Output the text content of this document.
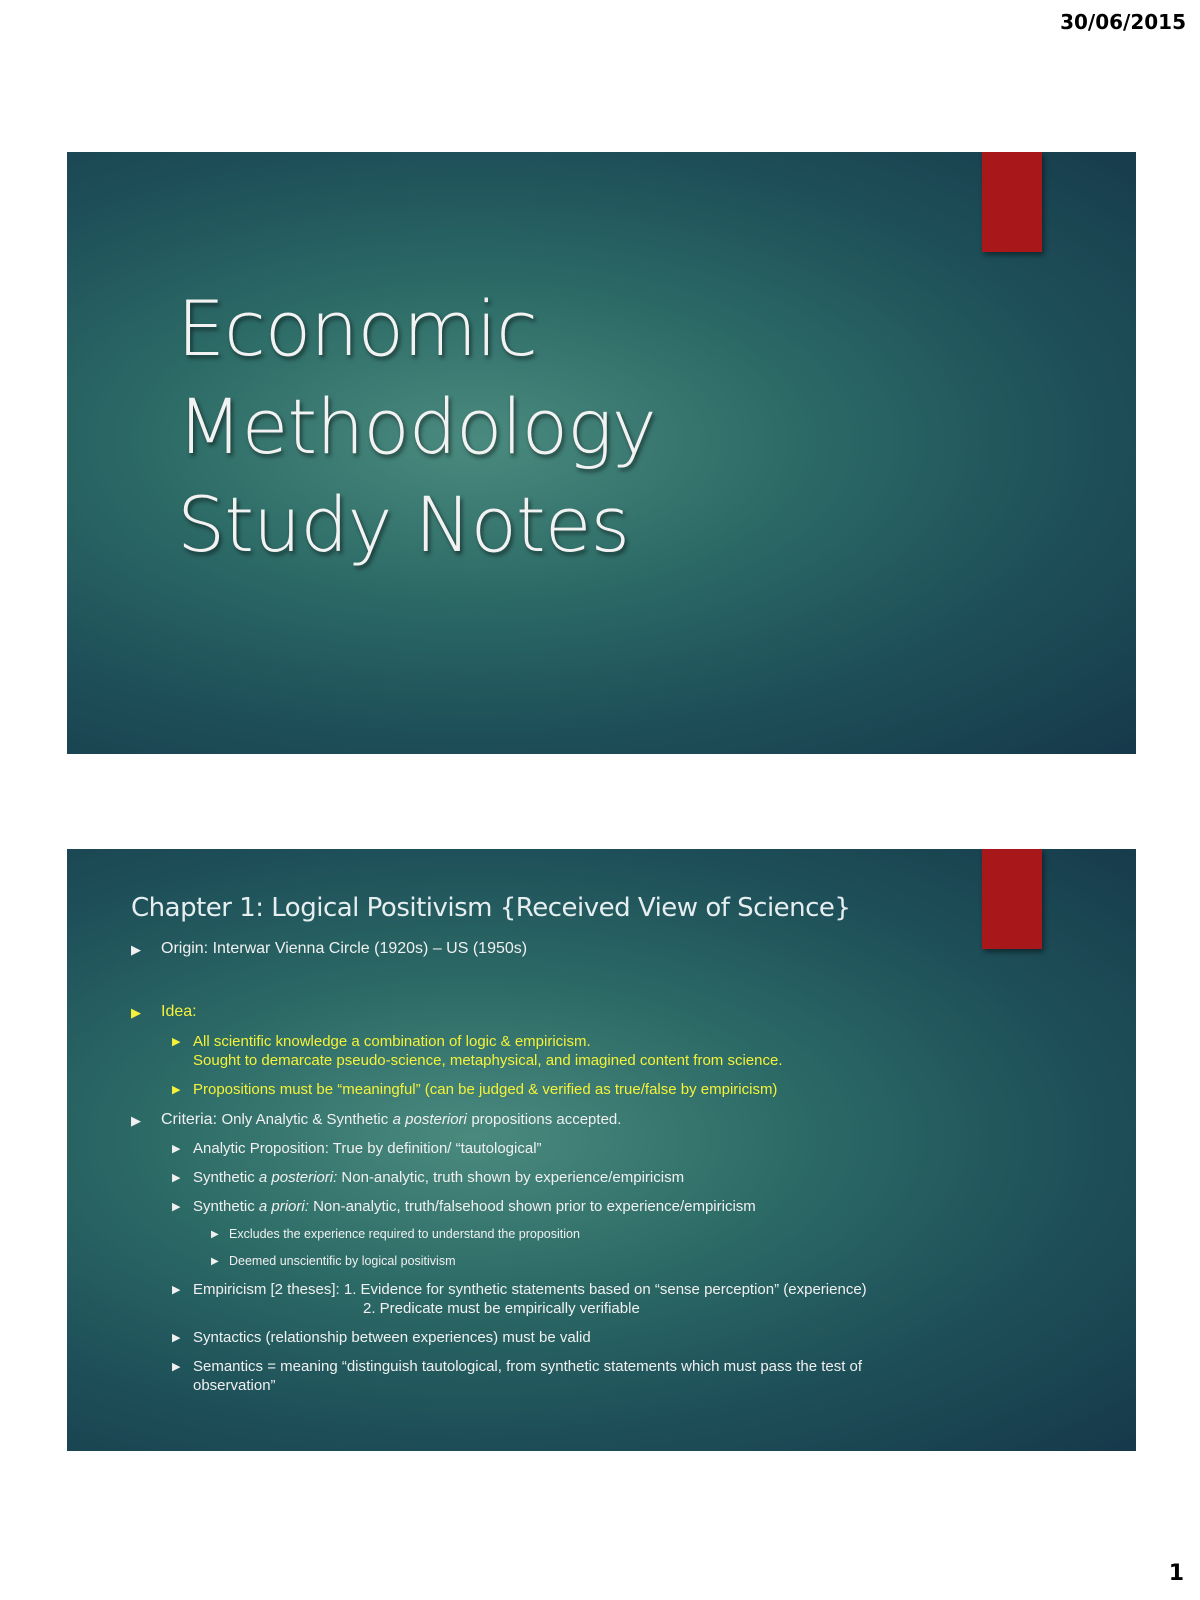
30/06/2015
Economic
Methodology
Study Notes
Chapter 1: Logical Positivism {Received View of Science}
▶ Origin: Interwar Vienna Circle (1920s) – US (1950s)
▶ Idea:
▶ All scientific knowledge a combination of logic & empiricism.
Sought to demarcate pseudo-science, metaphysical, and imagined content from science.
▶ Propositions must be “meaningful” (can be judged & verified as true/false by empiricism)
▶ Criteria: Only Analytic & Synthetic a posteriori propositions accepted.
▶ Analytic Proposition: True by definition/ “tautological”
▶ Synthetic a posteriori: Non-analytic, truth shown by experience/empiricism
▶ Synthetic a priori: Non-analytic, truth/falsehood shown prior to experience/empiricism
▶ Excludes the experience required to understand the proposition
▶ Deemed unscientific by logical positivism
▶ Empiricism [2 theses]: 1. Evidence for synthetic statements based on “sense perception” (experience)
2. Predicate must be empirically verifiable
▶ Syntactics (relationship between experiences) must be valid
▶ Semantics = meaning “distinguish tautological, from synthetic statements which must pass the test of
observation”
1
